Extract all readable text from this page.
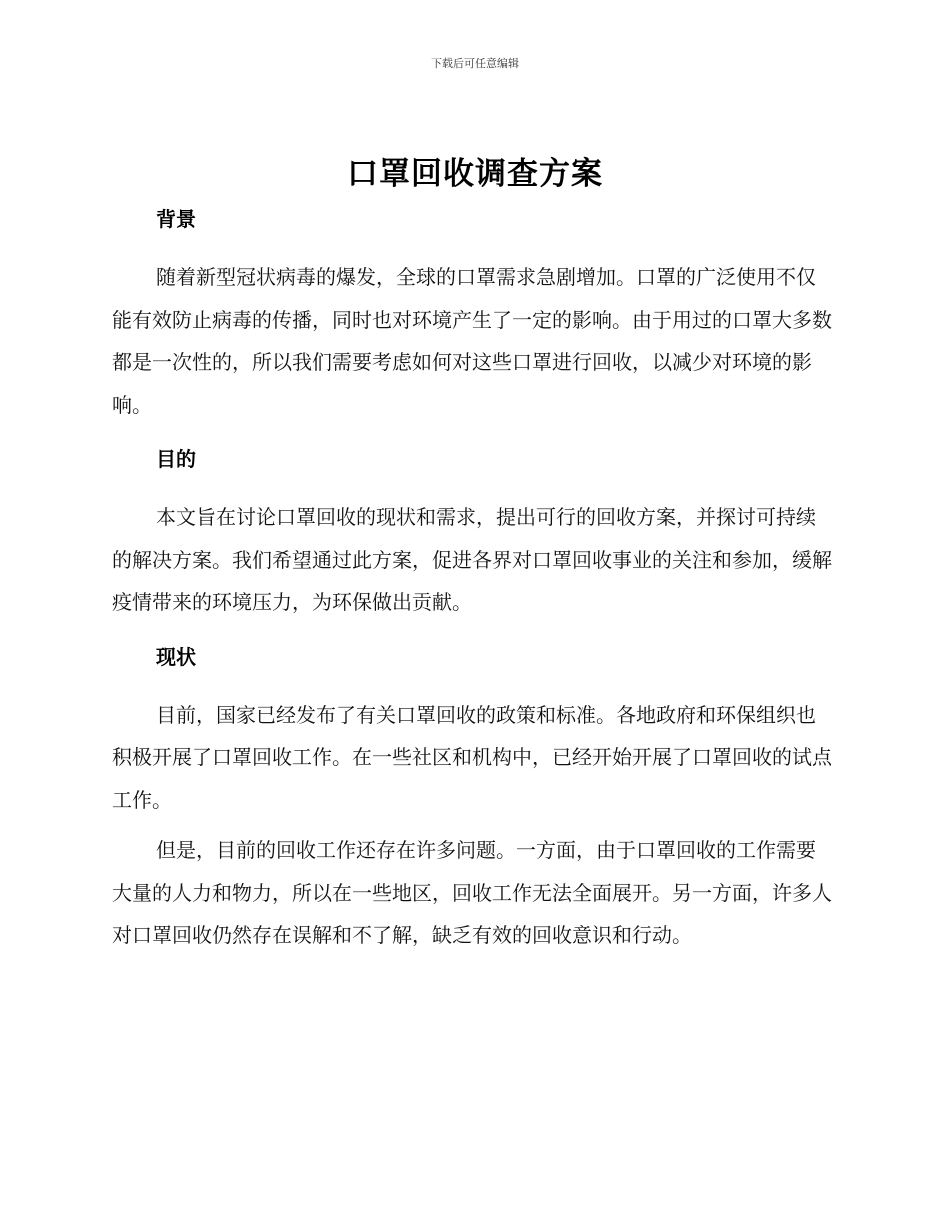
下载后可任意编辑
口罩回收调查方案
背景

随着新型冠状病毒的爆发，全球的口罩需求急剧增加。口罩的广泛使用不仅能有效防止病毒的传播，同时也对环境产生了一定的影响。由于用过的口罩大多数都是一次性的，所以我们需要考虑如何对这些口罩进行回收，以减少对环境的影响。

目的

本文旨在讨论口罩回收的现状和需求，提出可行的回收方案，并探讨可持续的解决方案。我们希望通过此方案，促进各界对口罩回收事业的关注和参加，缓解疫情带来的环境压力，为环保做出贡献。

现状

目前，国家已经发布了有关口罩回收的政策和标准。各地政府和环保组织也积极开展了口罩回收工作。在一些社区和机构中，已经开始开展了口罩回收的试点工作。

但是，目前的回收工作还存在许多问题。一方面，由于口罩回收的工作需要大量的人力和物力，所以在一些地区，回收工作无法全面展开。另一方面，许多人对口罩回收仍然存在误解和不了解，缺乏有效的回收意识和行动。
